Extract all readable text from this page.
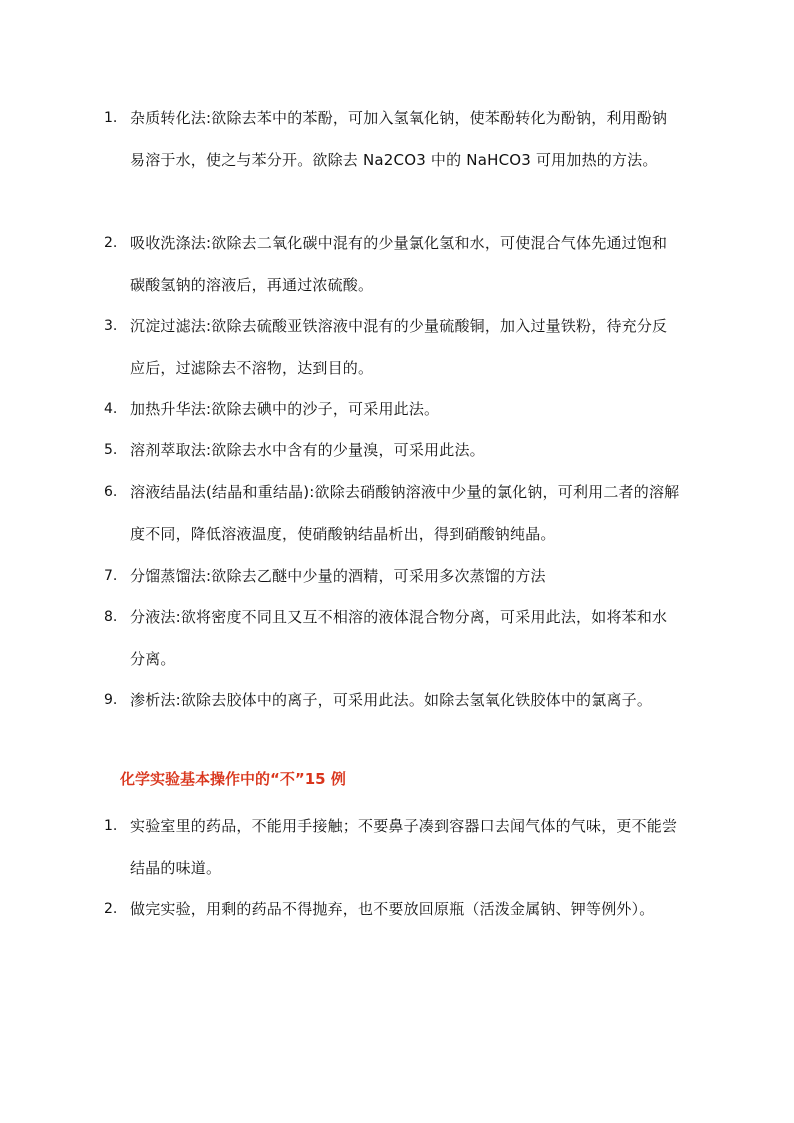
1. 杂质转化法:欲除去苯中的苯酚，可加入氢氧化钠，使苯酚转化为酚钠，利用酚钠易溶于水，使之与苯分开。欲除去 Na2CO3 中的 NaHCO3 可用加热的方法。
2. 吸收洗涤法:欲除去二氧化碳中混有的少量氯化氢和水，可使混合气体先通过饱和碳酸氢钠的溶液后，再通过浓硫酸。
3. 沉淀过滤法:欲除去硫酸亚铁溶液中混有的少量硫酸铜，加入过量铁粉，待充分反应后，过滤除去不溶物，达到目的。
4. 加热升华法:欲除去碘中的沙子，可采用此法。
5. 溶剂萃取法:欲除去水中含有的少量溴，可采用此法。
6. 溶液结晶法(结晶和重结晶):欲除去硝酸钠溶液中少量的氯化钠，可利用二者的溶解度不同，降低溶液温度，使硝酸钠结晶析出，得到硝酸钠纯晶。
7. 分馏蒸馏法:欲除去乙醚中少量的酒精，可采用多次蒸馏的方法
8. 分液法:欲将密度不同且又互不相溶的液体混合物分离，可采用此法，如将苯和水分离。
9. 渗析法:欲除去胶体中的离子，可采用此法。如除去氢氧化铁胶体中的氯离子。
化学实验基本操作中的“不”15 例
1. 实验室里的药品，不能用手接触；不要鼻子凑到容器口去闻气体的气味，更不能尝结晶的味道。
2. 做完实验，用剩的药品不得抛弃，也不要放回原瓶（活泼金属钠、钾等例外）。
